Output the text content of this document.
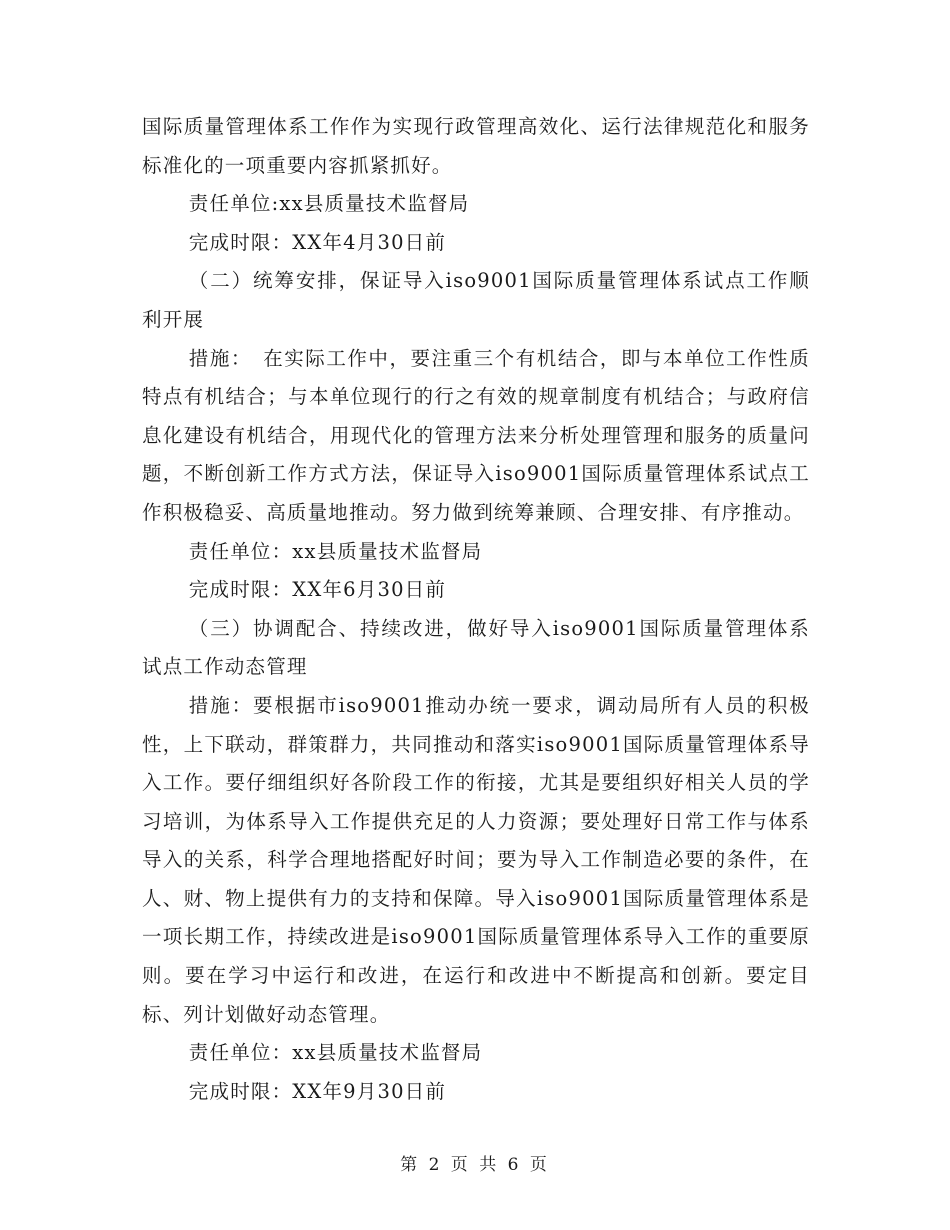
国际质量管理体系工作作为实现行政管理高效化、运行法律规范化和服务标准化的一项重要内容抓紧抓好。

责任单位:xx县质量技术监督局

完成时限：XX年4月30日前

（二）统筹安排，保证导入iso9001国际质量管理体系试点工作顺利开展

措施：　在实际工作中，要注重三个有机结合，即与本单位工作性质特点有机结合；与本单位现行的行之有效的规章制度有机结合；与政府信息化建设有机结合，用现代化的管理方法来分析处理管理和服务的质量问题，不断创新工作方式方法，保证导入iso9001国际质量管理体系试点工作积极稳妥、高质量地推动。努力做到统筹兼顾、合理安排、有序推动。

责任单位：xx县质量技术监督局

完成时限：XX年6月30日前

（三）协调配合、持续改进，做好导入iso9001国际质量管理体系试点工作动态管理

措施：要根据市iso9001推动办统一要求，调动局所有人员的积极性，上下联动，群策群力，共同推动和落实iso9001国际质量管理体系导入工作。要仔细组织好各阶段工作的衔接，尤其是要组织好相关人员的学习培训，为体系导入工作提供充足的人力资源；要处理好日常工作与体系导入的关系，科学合理地搭配好时间；要为导入工作制造必要的条件，在人、财、物上提供有力的支持和保障。导入iso9001国际质量管理体系是一项长期工作，持续改进是iso9001国际质量管理体系导入工作的重要原则。要在学习中运行和改进，在运行和改进中不断提高和创新。要定目标、列计划做好动态管理。

责任单位：xx县质量技术监督局

完成时限：XX年9月30日前

第 2 页 共 6 页
